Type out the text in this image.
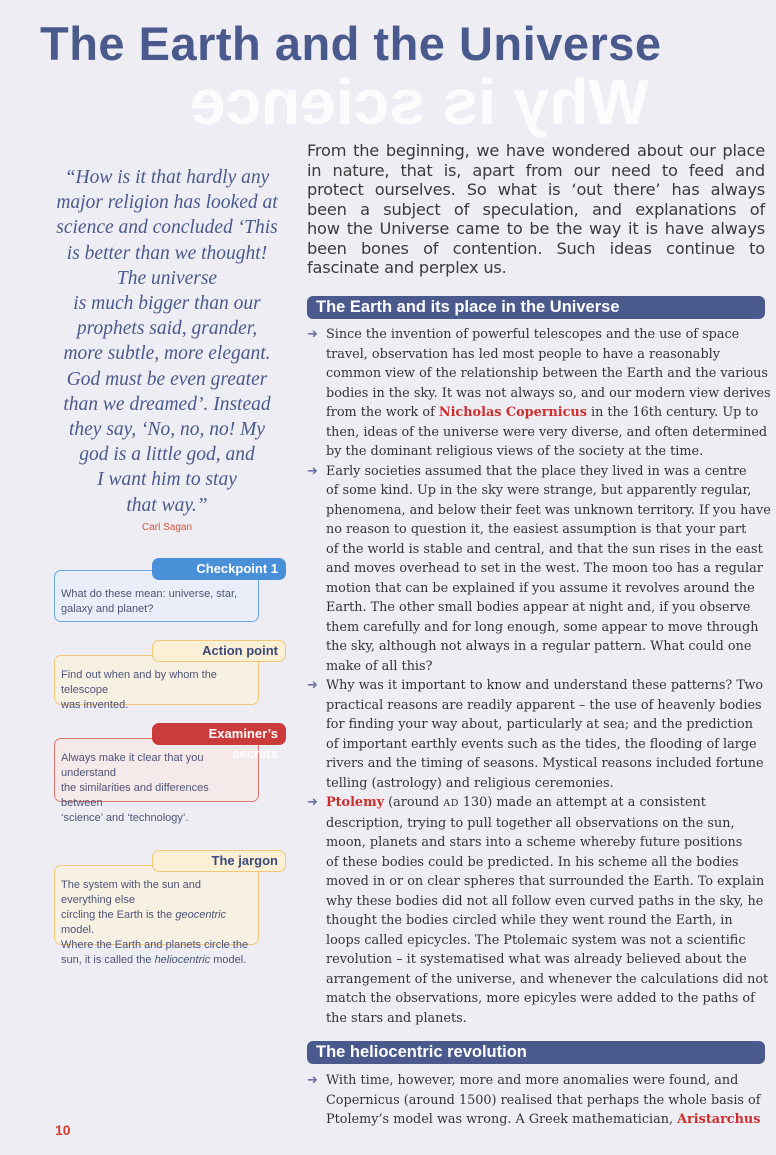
The Earth and the Universe
Why is science
“How is it that hardly any
major religion has looked at
science and concluded ‘This
is better than we thought!
The universe
is much bigger than our
prophets said, grander,
more subtle, more elegant.
God must be even greater
than we dreamed’. Instead
they say, ‘No, no, no! My
god is a little god, and
I want him to stay
that way.”
Carl Sagan
Checkpoint 1
What do these mean: universe, star,
galaxy and planet?
Action point
Find out when and by whom the telescope
was invented.
Examiner’s secrets
Always make it clear that you understand
the similarities and differences between
‘science’ and ‘technology’.
The jargon
The system with the sun and everything else
circling the Earth is the geocentric model.
Where the Earth and planets circle the
sun, it is called the heliocentric model.
10
From the beginning, we have wondered about our place
in nature, that is, apart from our need to feed and
protect ourselves. So what is ‘out there’ has always
been a subject of speculation, and explanations of
how the Universe came to be the way it is have always
been bones of contention. Such ideas continue to
fascinate and perplex us.
The Earth and its place in the Universe
➜ Since the invention of powerful telescopes and the use of space
travel, observation has led most people to have a reasonably
common view of the relationship between the Earth and the various
bodies in the sky. It was not always so, and our modern view derives
from the work of Nicholas Copernicus in the 16th century. Up to
then, ideas of the universe were very diverse, and often determined
by the dominant religious views of the society at the time.
➜ Early societies assumed that the place they lived in was a centre
of some kind. Up in the sky were strange, but apparently regular,
phenomena, and below their feet was unknown territory. If you have
no reason to question it, the easiest assumption is that your part
of the world is stable and central, and that the sun rises in the east
and moves overhead to set in the west. The moon too has a regular
motion that can be explained if you assume it revolves around the
Earth. The other small bodies appear at night and, if you observe
them carefully and for long enough, some appear to move through
the sky, although not always in a regular pattern. What could one
make of all this?
➜ Why was it important to know and understand these patterns? Two
practical reasons are readily apparent – the use of heavenly bodies
for finding your way about, particularly at sea; and the prediction
of important earthly events such as the tides, the flooding of large
rivers and the timing of seasons. Mystical reasons included fortune
telling (astrology) and religious ceremonies.
➜ Ptolemy (around AD 130) made an attempt at a consistent
description, trying to pull together all observations on the sun,
moon, planets and stars into a scheme whereby future positions
of these bodies could be predicted. In his scheme all the bodies
moved in or on clear spheres that surrounded the Earth. To explain
why these bodies did not all follow even curved paths in the sky, he
thought the bodies circled while they went round the Earth, in
loops called epicycles. The Ptolemaic system was not a scientific
revolution – it systematised what was already believed about the
arrangement of the universe, and whenever the calculations did not
match the observations, more epicyles were added to the paths of
the stars and planets.
The heliocentric revolution
➜ With time, however, more and more anomalies were found, and
Copernicus (around 1500) realised that perhaps the whole basis of
Ptolemy’s model was wrong. A Greek mathematician, Aristarchus
